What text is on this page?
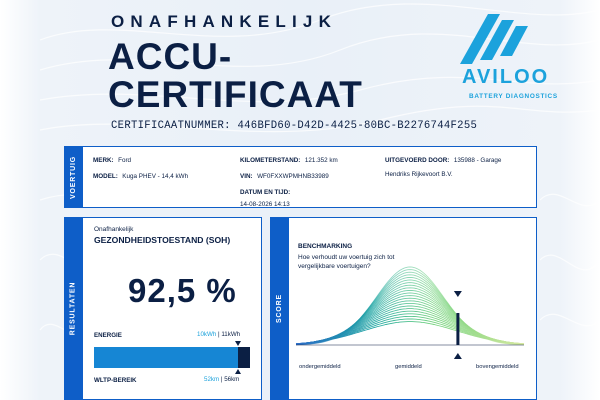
ONAFHANKELIJK
ACCU-
CERTIFICAAT
CERTIFICAATNUMMER: 446BFD60-D42D-4425-80BC-B2276744F255
AVILOO
BATTERY DIAGNOSTICS
VOERTUIG	MERK: Ford
MODEL: Kuga PHEV - 14,4 kWh
KILOMETERSTAND: 121.352 km
VIN: WF0FXXWPMHNB33989
DATUM EN TIJD:
14-08-2026 14:13
UITGEVOERD DOOR: 135988 - Garage
Hendriks Rijkevoort B.V.
RESULTATEN
Onafhankelijk
GEZONDHEIDSTOESTAND (SOH)
92,5 %
ENERGIE	10kWh | 11kWh
WLTP-BEREIK	52km | 56km
SCORE
BENCHMARKING
Hoe verhoudt uw voertuig zich tot vergelijkbare voertuigen?
ondergemiddeld	gemiddeld	bovengemiddeld
